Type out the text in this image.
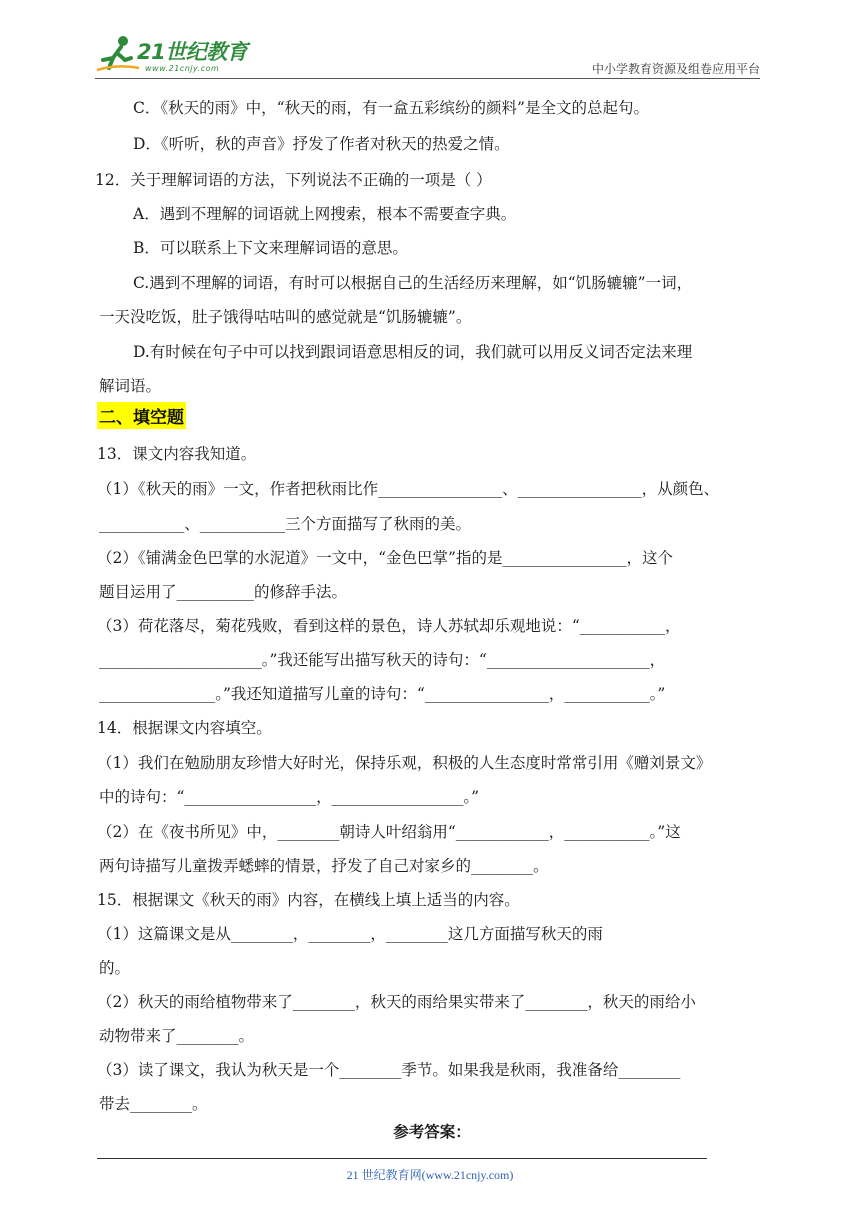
21世纪教育
www.21cnjy.com	中小学教育资源及组卷应用平台
C．《秋天的雨》中，“秋天的雨，有一盒五彩缤纷的颜料”是全文的总起句。
D．《听听，秋的声音》抒发了作者对秋天的热爱之情。
12．关于理解词语的方法，下列说法不正确的一项是（ ）
A．遇到不理解的词语就上网搜索，根本不需要查字典。
B．可以联系上下文来理解词语的意思。
C.遇到不理解的词语，有时可以根据自己的生活经历来理解，如“饥肠辘辘”一词，
一天没吃饭，肚子饿得咕咕叫的感觉就是“饥肠辘辘”。
D.有时候在句子中可以找到跟词语意思相反的词，我们就可以用反义词否定法来理
解词语。
二、填空题
13．课文内容我知道。
（1）《秋天的雨》一文，作者把秋雨比作________________、________________，从颜色、
___________、___________三个方面描写了秋雨的美。
（2）《铺满金色巴掌的水泥道》一文中，“金色巴掌”指的是________________，这个
题目运用了__________的修辞手法。
（3）荷花落尽，菊花残败，看到这样的景色，诗人苏轼却乐观地说：“___________，
_____________________。”我还能写出描写秋天的诗句：“_____________________，
_______________。”我还知道描写儿童的诗句：“________________，___________。”
14．根据课文内容填空。
（1）我们在勉励朋友珍惜大好时光，保持乐观，积极的人生态度时常常引用《赠刘景文》
中的诗句：“_________________，_________________。”
（2）在《夜书所见》中，________朝诗人叶绍翁用“____________，___________。”这
两句诗描写儿童拨弄蟋蟀的情景，抒发了自己对家乡的________。
15．根据课文《秋天的雨》内容，在横线上填上适当的内容。
（1）这篇课文是从________，________，________这几方面描写秋天的雨
的。
（2）秋天的雨给植物带来了________，秋天的雨给果实带来了________，秋天的雨给小
动物带来了________。
（3）读了课文，我认为秋天是一个________季节。如果我是秋雨，我准备给________
带去________。
参考答案：
21 世纪教育网(www.21cnjy.com)
